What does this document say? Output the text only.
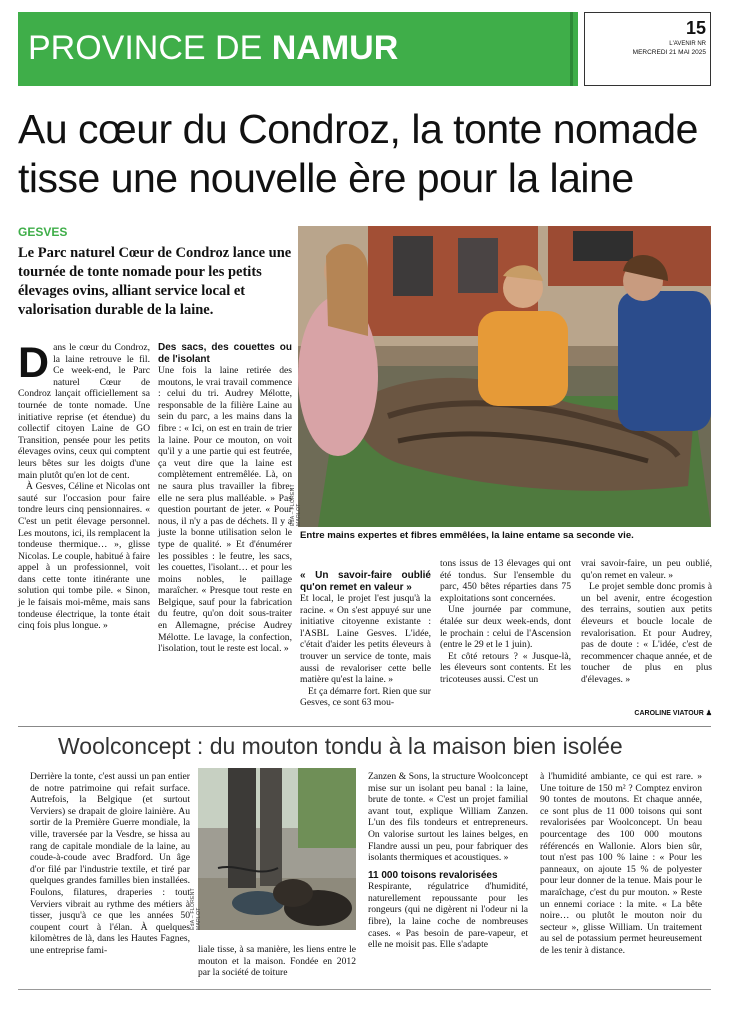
PROVINCE DE NAMUR
15
L'AVENIR NR
MERCREDI 21 MAI 2025
Au cœur du Condroz, la tonte nomade tisse une nouvelle ère pour la laine
GESVES
Le Parc naturel Cœur de Condroz lance une tournée de tonte nomade pour les petits élevages ovins, alliant service local et valorisation durable de la laine.
D ans le cœur du Condroz, la laine retrouve le fil. Ce week-end, le Parc naturel Cœur de Condroz lançait officiellement sa tournée de tonte nomade. Une initiative reprise (et étendue) du collectif citoyen Laine de GO Transition, pensée pour les petits élevages ovins, ceux qui comptent leurs bêtes sur les doigts d'une main plutôt qu'en lot de cent.

À Gesves, Céline et Nicolas ont sauté sur l'occasion pour faire tondre leurs cinq pensionnaires. « C'est un petit élevage personnel. Les moutons, ici, ils remplacent la tondeuse thermique… », glisse Nicolas. Le couple, habitué à faire appel à un professionnel, voit dans cette tonte itinérante une solution qui tombe pile. « Sinon, je le faisais moi-même, mais sans tondeuse électrique, la tonte était cinq fois plus longue. »

Des sacs, des couettes ou de l'isolant

Une fois la laine retirée des moutons, le vrai travail commence : celui du tri. Audrey Mélotte, responsable de la filière Laine au sein du parc, a les mains dans la fibre : « Ici, on est en train de trier la laine. Pour ce mouton, on voit qu'il y a une partie qui est feutrée, ça veut dire que la laine est complètement entremêlée. Là, on ne saura plus travailler la fibre, elle ne sera plus malléable. » Pas question pourtant de jeter. « Pour nous, il n'y a pas de déchets. Il y a juste la bonne utilisation selon le type de qualité. » Et d'énumérer les possibles : le feutre, les sacs, les couettes, l'isolant… et pour les moins nobles, le paillage maraîcher. « Presque tout reste en Belgique, sauf pour la fabrication du feutre, qu'on doit sous-traiter en Allemagne, précise Audrey Mélotte. Le lavage, la confection, l'isolation, tout le reste est local. »

ÉdA – FLORENT MARLOT
Entre mains expertes et fibres emmêlées, la laine entame sa seconde vie.

« Un savoir-faire oublié qu'on remet en valeur »

Et local, le projet l'est jusqu'à la racine. « On s'est appuyé sur une initiative citoyenne existante : l'ASBL Laine Gesves. L'idée, c'était d'aider les petits éleveurs à trouver un service de tonte, mais aussi de revaloriser cette belle matière qu'est la laine. »

Et ça démarre fort. Rien que sur Gesves, ce sont 63 mou-

tons issus de 13 élevages qui ont été tondus. Sur l'ensemble du parc, 450 bêtes réparties dans 75 exploitations sont concernées.

Une journée par commune, étalée sur deux week-ends, dont le prochain : celui de l'Ascension (entre le 29 et le 1 juin).

Et côté retours ? « Jusque-là, les éleveurs sont contents. Et les tricoteuses aussi. C'est un

vrai savoir-faire, un peu oublié, qu'on remet en valeur. »

Le projet semble donc promis à un bel avenir, entre écogestion des terrains, soutien aux petits éleveurs et boucle locale de revalorisation. Et pour Audrey, pas de doute : « L'idée, c'est de recommencer chaque année, et de toucher de plus en plus d'élevages. »

CAROLINE VIATOUR ♟
Woolconcept : du mouton tondu à la maison bien isolée

Derrière la tonte, c'est aussi un pan entier de notre patrimoine qui refait surface. Autrefois, la Belgique (et surtout Verviers) se drapait de gloire lainière. Au sortir de la Première Guerre mondiale, la ville, traversée par la Vesdre, se hissa au rang de capitale mondiale de la laine, au coude-à-coude avec Bradford. Un âge d'or filé par l'industrie textile, et tiré par quelques grandes familles bien installées. Foulons, filatures, draperies : tout Verviers vibrait au rythme des métiers à tisser, jusqu'à ce que les années 50 coupent court à l'élan. À quelques kilomètres de là, dans les Hautes Fagnes, une entreprise fami-

ÉdA – FLORENT MARLOT

liale tisse, à sa manière, les liens entre le mouton et la maison. Fondée en 2012 par la société de toiture

Zanzen & Sons, la structure Woolconcept mise sur un isolant peu banal : la laine, brute de tonte. « C'est un projet familial avant tout, explique William Zanzen. L'un des fils tondeurs et entrepreneurs. On valorise surtout les laines belges, en Flandre aussi un peu, pour fabriquer des isolants thermiques et acoustiques. »

11 000 toisons revalorisées

Respirante, régulatrice d'humidité, naturellement repoussante pour les rongeurs (qui ne digèrent ni l'odeur ni la fibre), la laine coche de nombreuses cases. « Pas besoin de pare-vapeur, et elle ne moisit pas. Elle s'adapte

à l'humidité ambiante, ce qui est rare. » Une toiture de 150 m² ? Comptez environ 90 tontes de moutons. Et chaque année, ce sont plus de 11 000 toisons qui sont revalorisées par Woolconcept. Un beau pourcentage des 100 000 moutons référencés en Wallonie. Alors bien sûr, tout n'est pas 100 % laine : « Pour les panneaux, on ajoute 15 % de polyester pour leur donner de la tenue. Mais pour le maraîchage, c'est du pur mouton. » Reste un ennemi coriace : la mite. « La bête noire… ou plutôt le mouton noir du secteur », glisse William. Un traitement au sel de potassium permet heureusement de les tenir à distance.
